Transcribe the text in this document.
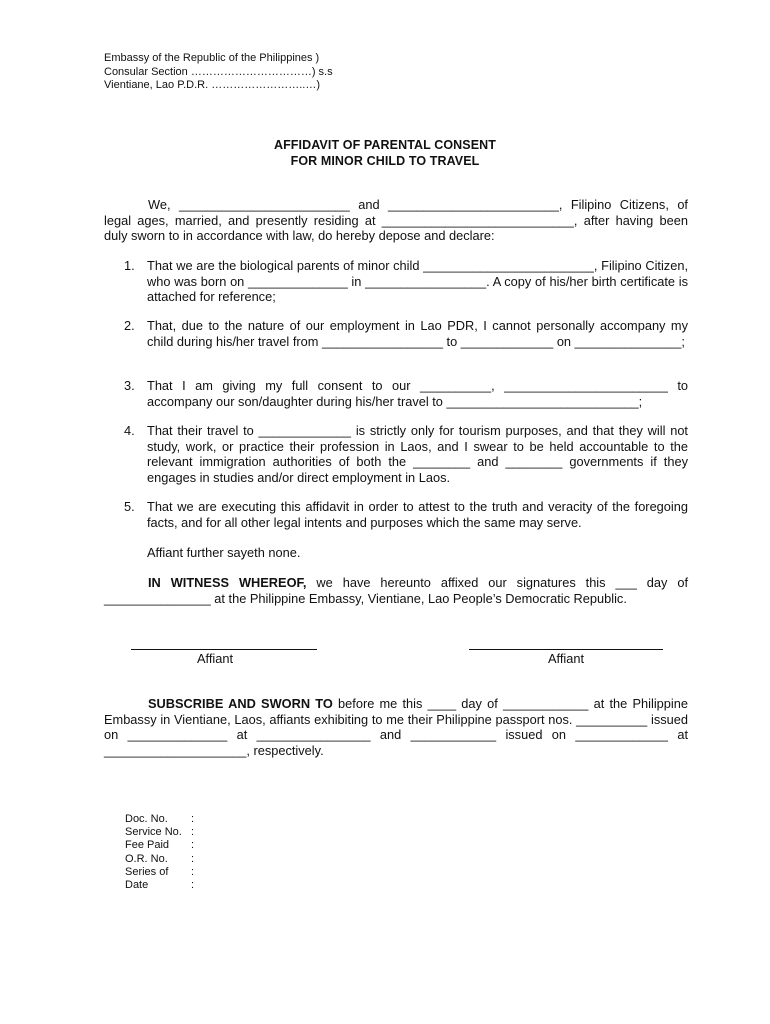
Embassy of the Republic of the Philippines )
Consular Section ……………………………) s.s
Vientiane, Lao P.D.R. ……………………..…)
AFFIDAVIT OF PARENTAL CONSENT
FOR MINOR CHILD TO TRAVEL
We, ________________________ and ________________________, Filipino Citizens, of legal ages, married, and presently residing at ___________________________, after having been duly sworn to in accordance with law, do hereby depose and declare:
1. That we are the biological parents of minor child ________________________, Filipino Citizen, who was born on ______________ in _________________. A copy of his/her birth certificate is attached for reference;
2. That, due to the nature of our employment in Lao PDR, I cannot personally accompany my child during his/her travel from _________________ to _____________ on _______________;
3. That I am giving my full consent to our __________, _______________________ to accompany our son/daughter during his/her travel to ___________________________;
4. That their travel to _____________ is strictly only for tourism purposes, and that they will not study, work, or practice their profession in Laos, and I swear to be held accountable to the relevant immigration authorities of both the ________ and ________ governments if they engages in studies and/or direct employment in Laos.
5. That we are executing this affidavit in order to attest to the truth and veracity of the foregoing facts, and for all other legal intents and purposes which the same may serve.
Affiant further sayeth none.
IN WITNESS WHEREOF, we have hereunto affixed our signatures this ___ day of _______________ at the Philippine Embassy, Vientiane, Lao People’s Democratic Republic.
Affiant	Affiant
SUBSCRIBE AND SWORN TO before me this ____ day of ____________ at the Philippine Embassy in Vientiane, Laos, affiants exhibiting to me their Philippine passport nos. __________ issued on ______________ at ________________ and ____________ issued on _____________ at ____________________, respectively.
Doc. No.	:
Service No. :
Fee Paid	:
O.R. No.	:
Series of	:
Date	:
